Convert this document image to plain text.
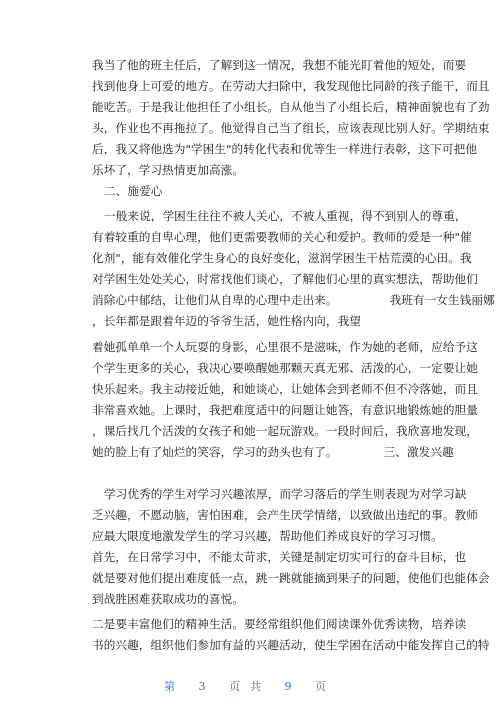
我当了他的班主任后，了解到这一情况，我想不能光盯着他的短处，而要
找到他身上可爱的地方。在劳动大扫除中，我发现他比同龄的孩子能干，而且
能吃苦。于是我让他担任了小组长。自从他当了小组长后，精神面貌也有了劲
头，作业也不再拖拉了。他觉得自己当了组长，应该表现比别人好。学期结束
后，我又将他选为"学困生"的转化代表和优等生一样进行表彰，这下可把他
乐坏了，学习热情更加高涨。
二、施爱心
一般来说，学困生往往不被人关心，不被人重视，得不到别人的尊重，
有着较重的自卑心理，他们更需要教师的关心和爱护。教师的爱是一种"催
化剂"，能有效催化学生身心的良好变化，滋润学困生干枯荒漠的心田。我
对学困生处处关心，时常找他们谈心，了解他们心里的真实想法，帮助他们
消除心中郁结，让他们从自卑的心理中走出来。	我班有一女生钱丽娜
，长年都是跟着年迈的爷爷生活，她性格内向，我望
着她孤单单一个人玩耍的身影，心里很不是滋味，作为她的老师，应给予这
个学生更多的关心，我决心要唤醒她那颗天真无邪、活泼的心，一定要让她
快乐起来。我主动接近她，和她谈心，让她体会到老师不但不冷落她，而且
非常喜欢她。上课时，我把难度适中的问题让她答，有意识地锻炼她的胆量
，课后找几个活泼的女孩子和她一起玩游戏。一段时间后，我欣喜地发现，
她的脸上有了灿烂的笑容，学习的劲头也有了。	三、激发兴趣
学习优秀的学生对学习兴趣浓厚，而学习落后的学生则表现为对学习缺
乏兴趣，不愿动脑，害怕困难，会产生厌学情绪，以致做出违纪的事。教师
应最大限度地激发学生的学习兴趣，帮助他们养成良好的学习习惯。
首先，在日常学习中，不能太苛求，关键是制定切实可行的奋斗目标，也
就是要对他们提出难度低一点，跳一跳就能摘到果子的问题，使他们也能体会
到战胜困难获取成功的喜悦。
二是要丰富他们的精神生活。要经常组织他们阅读课外优秀读物，培养读
书的兴趣，组织他们参加有益的兴趣活动，使生学困在活动中能发挥自己的特
第 3 页共 9 页
